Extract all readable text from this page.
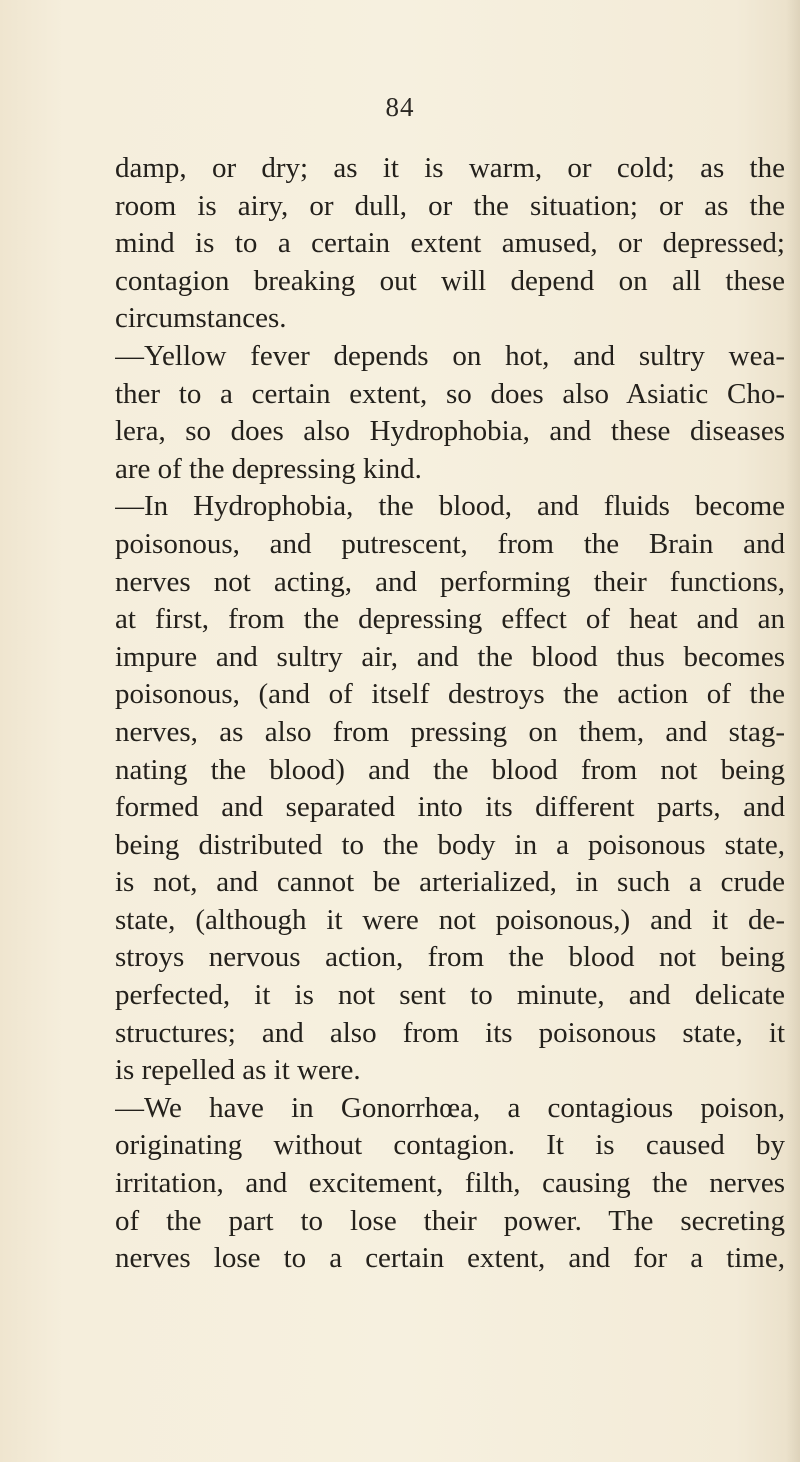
84
damp, or dry; as it is warm, or cold; as the
room is airy, or dull, or the situation; or as the
mind is to a certain extent amused, or depressed;
contagion breaking out will depend on all these
circumstances.
—Yellow fever depends on hot, and sultry wea-
ther to a certain extent, so does also Asiatic Cho-
lera, so does also Hydrophobia, and these diseases
are of the depressing kind.
—In Hydrophobia, the blood, and fluids become
poisonous, and putrescent, from the Brain and
nerves not acting, and performing their functions,
at first, from the depressing effect of heat and an
impure and sultry air, and the blood thus becomes
poisonous, (and of itself destroys the action of the
nerves, as also from pressing on them, and stag-
nating the blood) and the blood from not being
formed and separated into its different parts, and
being distributed to the body in a poisonous state,
is not, and cannot be arterialized, in such a crude
state, (although it were not poisonous,) and it de-
stroys nervous action, from the blood not being
perfected, it is not sent to minute, and delicate
structures; and also from its poisonous state, it
is repelled as it were.
—We have in Gonorrhœa, a contagious poison,
originating without contagion. It is caused by
irritation, and excitement, filth, causing the nerves
of the part to lose their power. The secreting
nerves lose to a certain extent, and for a time,
